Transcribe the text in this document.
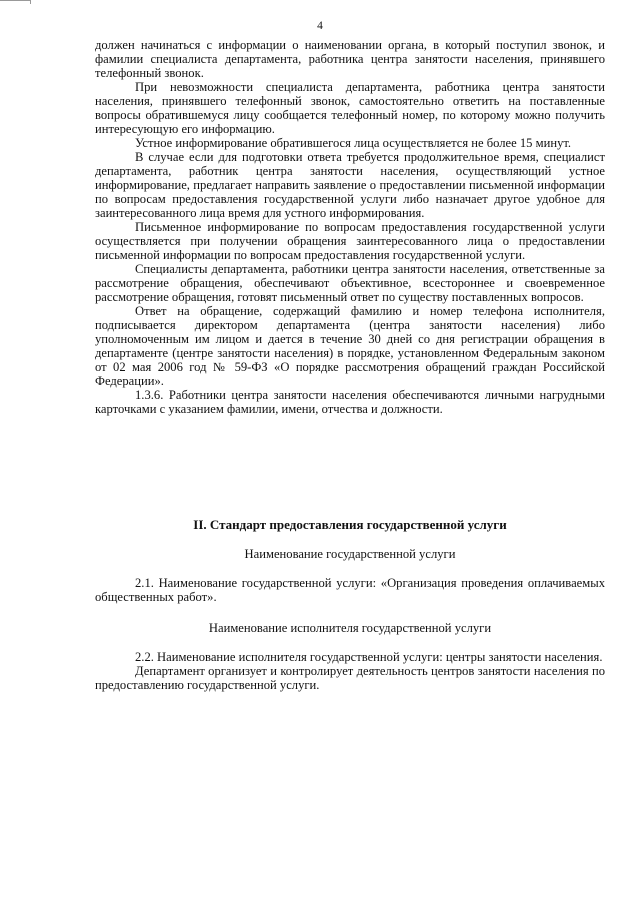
4

должен начинаться с информации о наименовании органа, в который поступил звонок, и фамилии специалиста департамента, работника центра занятости населения, принявшего телефонный звонок.

При невозможности специалиста департамента, работника центра занятости населения, принявшего телефонный звонок, самостоятельно ответить на поставленные вопросы обратившемуся лицу сообщается телефонный номер, по которому можно получить интересующую его информацию.

Устное информирование обратившегося лица осуществляется не более 15 минут.

В случае если для подготовки ответа требуется продолжительное время, специалист департамента, работник центра занятости населения, осуществляющий устное информирование, предлагает направить заявление о предоставлении письменной информации по вопросам предоставления государственной услуги либо назначает другое удобное для заинтересованного лица время для устного информирования.

Письменное информирование по вопросам предоставления государственной услуги осуществляется при получении обращения заинтересованного лица о предоставлении письменной информации по вопросам предоставления государственной услуги.

Специалисты департамента, работники центра занятости населения, ответственные за рассмотрение обращения, обеспечивают объективное, всестороннее и своевременное рассмотрение обращения, готовят письменный ответ по существу поставленных вопросов.

Ответ на обращение, содержащий фамилию и номер телефона исполнителя, подписывается директором департамента (центра занятости населения) либо уполномоченным им лицом и дается в течение 30 дней со дня регистрации обращения в департаменте (центре занятости населения) в порядке, установленном Федеральным законом от 02 мая 2006 год № 59-ФЗ «О порядке рассмотрения обращений граждан Российской Федерации».

1.3.6. Работники центра занятости населения обеспечиваются личными нагрудными карточками с указанием фамилии, имени, отчества и должности.

II. Стандарт предоставления государственной услуги
Наименование государственной услуги

2.1. Наименование государственной услуги: «Организация проведения оплачиваемых общественных работ».

Наименование исполнителя государственной услуги

2.2. Наименование исполнителя государственной услуги: центры занятости населения.

Департамент организует и контролирует деятельность центров занятости населения по предоставлению государственной услуги.
